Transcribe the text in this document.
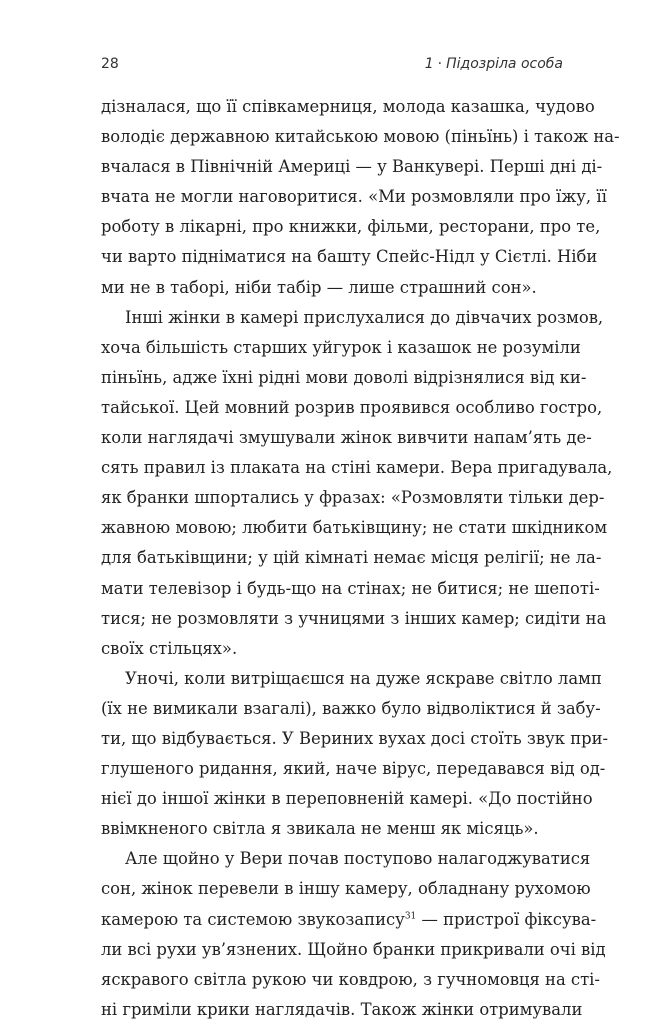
28	1 · Підозріла особа
дізналася, що її співкамерниця, молода казашка, чудово
володіє державною китайською мовою (піньїнь) і також на-
вчалася в Північній Америці — у Ванкувері. Перші дні ді-
вчата не могли наговоритися. «Ми розмовляли про їжу, її
роботу в лікарні, про книжки, фільми, ресторани, про те,
чи варто підніматися на башту Спейс-Нідл у Сієтлі. Ніби
ми не в таборі, ніби табір — лише страшний сон».
Інші жінки в камері прислухалися до дівчачих розмов,
хоча більшість старших уйгурок і казашок не розуміли
піньїнь, адже їхні рідні мови доволі відрізнялися від ки-
тайської. Цей мовний розрив проявився особливо гостро,
коли наглядачі змушували жінок вивчити напам’ять де-
сять правил із плаката на стіні камери. Вера пригадувала,
як бранки шпортались у фразах: «Розмовляти тільки дер-
жавною мовою; любити батьківщину; не стати шкідником
для батьківщини; у цій кімнаті немає місця релігії; не ла-
мати телевізор і будь-що на стінах; не битися; не шепоті-
тися; не розмовляти з учницями з інших камер; сидіти на
своїх стільцях».
Уночі, коли витріщаєшся на дуже яскраве світло ламп
(їх не вимикали взагалі), важко було відволіктися й забу-
ти, що відбувається. У Вериних вухах досі стоїть звук при-
глушеного ридання, який, наче вірус, передавався від од-
нієї до іншої жінки в переповненій камері. «До постійно
ввімкненого світла я звикала не менш як місяць».
Але щойно у Вери почав поступово налагоджуватися
сон, жінок перевели в іншу камеру, обладнану рухомою
камерою та системою звукозапису$^{31}$ — пристрої фіксува-
ли всі рухи ув’язнених. Щойно бранки прикривали очі від
яскравого світла рукою чи ковдрою, з гучномовця на сті-
ні гриміли крики наглядачів. Також жінки отримували
